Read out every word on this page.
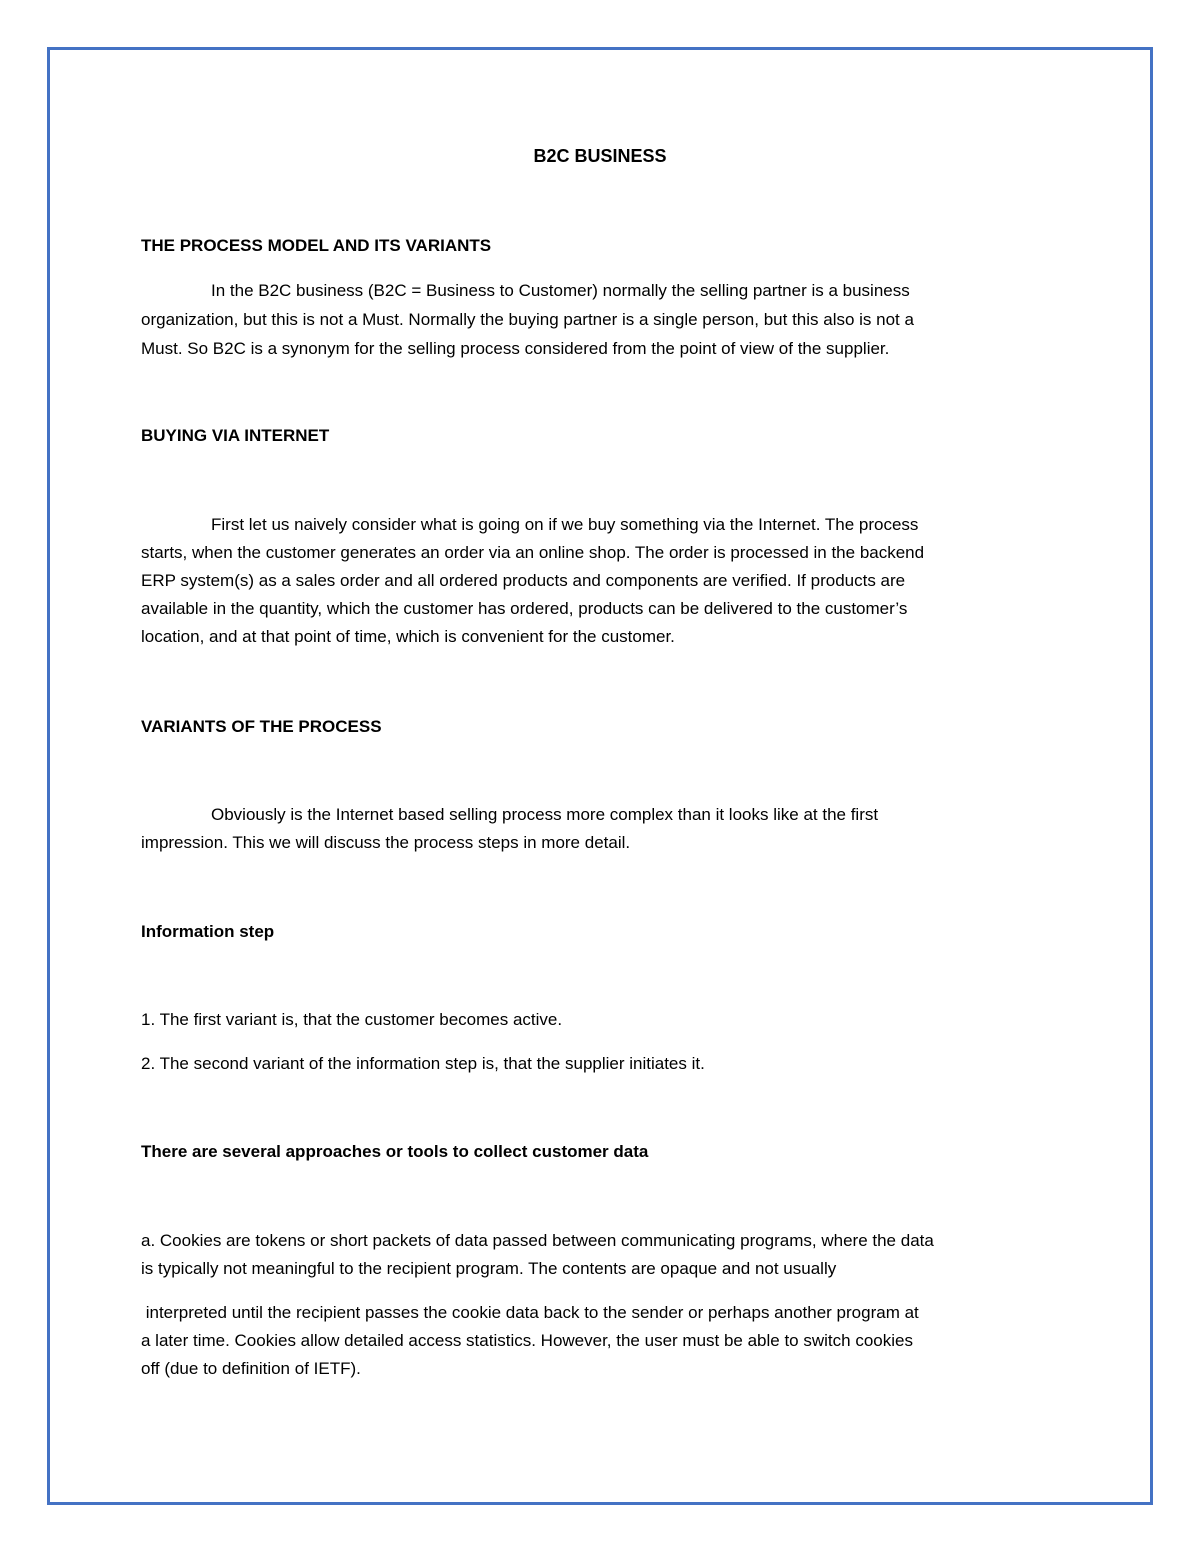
B2C BUSINESS
THE PROCESS MODEL AND ITS VARIANTS
In the B2C business (B2C = Business to Customer) normally the selling partner is a business
organization, but this is not a Must. Normally the buying partner is a single person, but this also is not a
Must. So B2C is a synonym for the selling process considered from the point of view of the supplier.
BUYING VIA INTERNET
First let us naively consider what is going on if we buy something via the Internet. The process
starts, when the customer generates an order via an online shop. The order is processed in the backend
ERP system(s) as a sales order and all ordered products and components are verified. If products are
available in the quantity, which the customer has ordered, products can be delivered to the customer’s
location, and at that point of time, which is convenient for the customer.
VARIANTS OF THE PROCESS
Obviously is the Internet based selling process more complex than it looks like at the first
impression. This we will discuss the process steps in more detail.
Information step
1. The first variant is, that the customer becomes active.
2. The second variant of the information step is, that the supplier initiates it.
There are several approaches or tools to collect customer data
a. Cookies are tokens or short packets of data passed between communicating programs, where the data
is typically not meaningful to the recipient program. The contents are opaque and not usually
interpreted until the recipient passes the cookie data back to the sender or perhaps another program at
a later time. Cookies allow detailed access statistics. However, the user must be able to switch cookies
off (due to definition of IETF).
